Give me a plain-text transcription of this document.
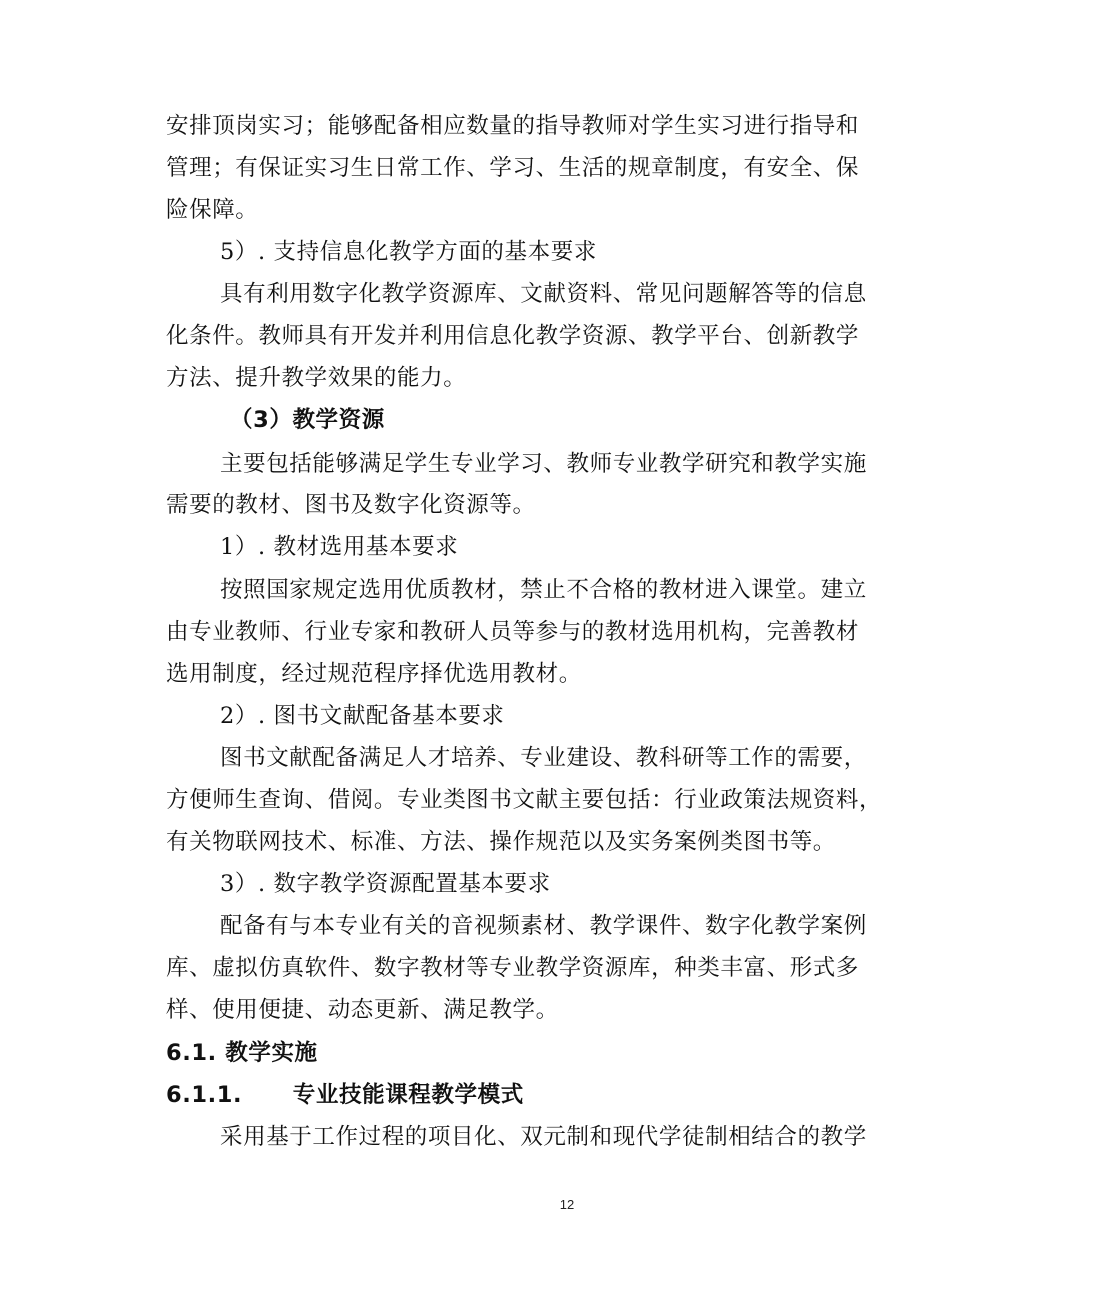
安排顶岗实习；能够配备相应数量的指导教师对学生实习进行指导和
管理；有保证实习生日常工作、学习、生活的规章制度，有安全、保
险保障。
5）. 支持信息化教学方面的基本要求
具有利用数字化教学资源库、文献资料、常见问题解答等的信息
化条件。教师具有开发并利用信息化教学资源、教学平台、创新教学
方法、提升教学效果的能力。
（3）教学资源
主要包括能够满足学生专业学习、教师专业教学研究和教学实施
需要的教材、图书及数字化资源等。
1）. 教材选用基本要求
按照国家规定选用优质教材，禁止不合格的教材进入课堂。建立
由专业教师、行业专家和教研人员等参与的教材选用机构，完善教材
选用制度，经过规范程序择优选用教材。
2）. 图书文献配备基本要求
图书文献配备满足人才培养、专业建设、教科研等工作的需要，
方便师生查询、借阅。专业类图书文献主要包括：行业政策法规资料，
有关物联网技术、标准、方法、操作规范以及实务案例类图书等。
3）. 数字教学资源配置基本要求
配备有与本专业有关的音视频素材、教学课件、数字化教学案例
库、虚拟仿真软件、数字教材等专业教学资源库，种类丰富、形式多
样、使用便捷、动态更新、满足教学。
6.1. 教学实施
6.1.1.      专业技能课程教学模式
采用基于工作过程的项目化、双元制和现代学徒制相结合的教学
12
